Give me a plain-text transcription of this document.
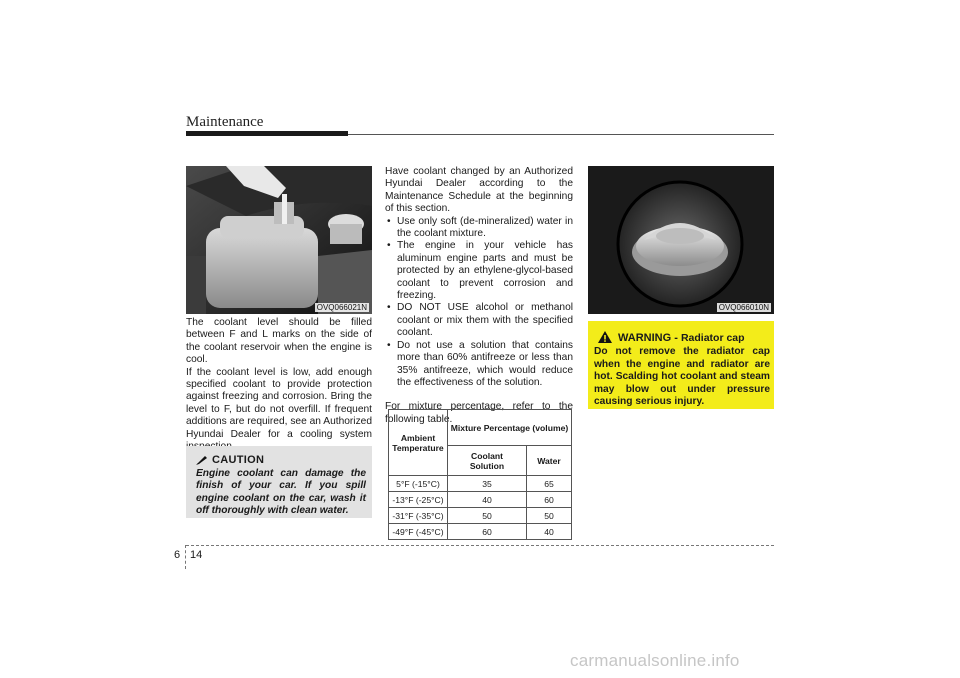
Maintenance
OVQ066021N

The coolant level should be filled between F and L marks on the side of the coolant reservoir when the engine is cool.

If the coolant level is low, add enough specified coolant to provide protection against freezing and corrosion. Bring the level to F, but do not overfill. If frequent additions are required, see an Authorized Hyundai Dealer for a cooling system

CAUTION
Engine coolant can damage the finish of your car. If you spill engine coolant on the car, wash it off thoroughly with clean water.

Have coolant changed by an Authorized Hyundai Dealer according to the Maintenance Schedule at the beginning of this section.

• Use only soft (de-mineralized) water in the coolant mixture.
• The engine in your vehicle has aluminum engine parts and must be protected by an ethylene-glycol-based coolant to prevent corrosion and freezing.
• DO NOT USE alcohol or methanol coolant or mix them with the specified coolant.
• Do not use a solution that contains more than 60% antifreeze or less than 35% antifreeze, which would reduce the effectiveness of the solution.

For mixture percentage, refer to the following table.

Ambient Temperature	Mixture Percentage (volume)	
	Coolant Solution	Water
5°F (-15°C)	35	65
-13°F (-25°C)	40	60
-31°F (-35°C)	50	50
-49°F (-45°C)	60	40
OVQ066010N
WARNING - Radiator cap
Do not remove the radiator cap when the engine and radiator are hot. Scalding hot coolant and steam may blow out under pressure causing serious injury.
6 14
carmanualsonline.info
